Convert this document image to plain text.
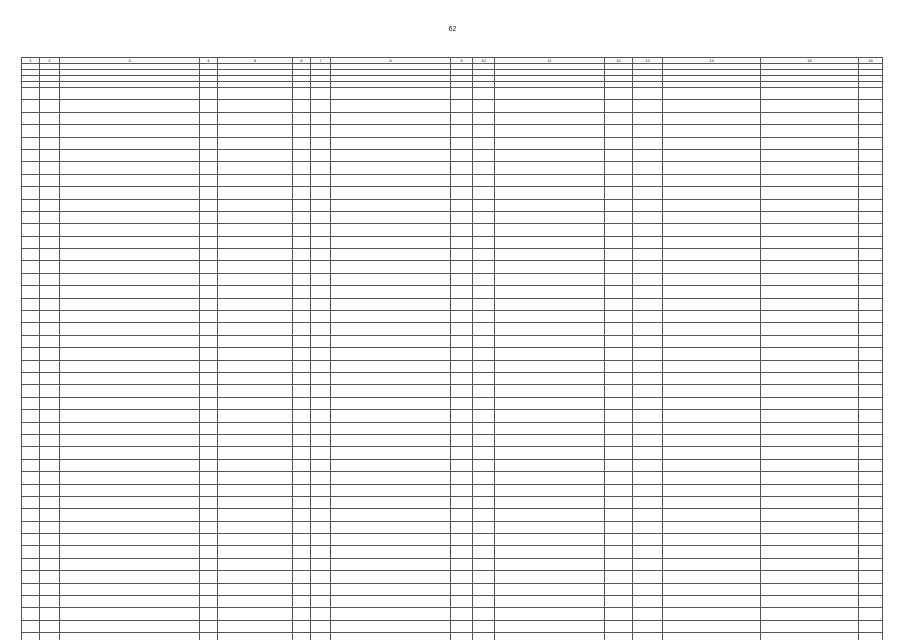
62
1	2	3	4	5	6	7	8	9	10	11	12	13	14	15	16
